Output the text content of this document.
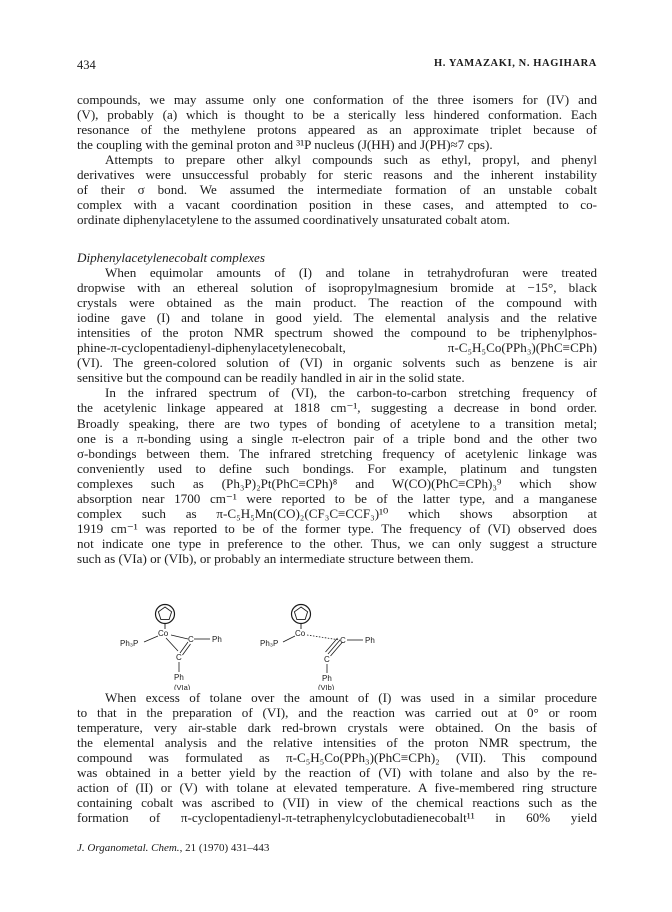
434	H. YAMAZAKI, N. HAGIHARA
compounds, we may assume only one conformation of the three isomers for (IV) and
(V), probably (a) which is thought to be a sterically less hindered conformation. Each
resonance of the methylene protons appeared as an approximate triplet because of
the coupling with the geminal proton and ³¹P nucleus (J(HH) and J(PH)≈7 cps).
Attempts to prepare other alkyl compounds such as ethyl, propyl, and phenyl
derivatives were unsuccessful probably for steric reasons and the inherent instability
of their σ bond. We assumed the intermediate formation of an unstable cobalt
complex with a vacant coordination position in these cases, and attempted to co-
ordinate diphenylacetylene to the assumed coordinatively unsaturated cobalt atom.
Diphenylacetylenecobalt complexes
When equimolar amounts of (I) and tolane in tetrahydrofuran were treated
dropwise with an ethereal solution of isopropylmagnesium bromide at −15°, black
crystals were obtained as the main product. The reaction of the compound with
iodine gave (I) and tolane in good yield. The elemental analysis and the relative
intensities of the proton NMR spectrum showed the compound to be triphenylphos-
phine-π-cyclopentadienyl-diphenylacetylenecobalt, π-C₅H₅Co(PPh₃)(PhC≡CPh)
(VI). The green-colored solution of (VI) in organic solvents such as benzene is air
sensitive but the compound can be readily handled in air in the solid state.
In the infrared spectrum of (VI), the carbon-to-carbon stretching frequency of
the acetylenic linkage appeared at 1818 cm⁻¹, suggesting a decrease in bond order.
Broadly speaking, there are two types of bonding of acetylene to a transition metal;
one is a π-bonding using a single π-electron pair of a triple bond and the other two
σ-bondings between them. The infrared stretching frequency of acetylenic linkage was
conveniently used to define such bondings. For example, platinum and tungsten
complexes such as (Ph₃P)₂Pt(PhC≡CPh)⁸ and W(CO)(PhC≡CPh)₃⁹ which show
absorption near 1700 cm⁻¹ were reported to be of the latter type, and a manganese
complex such as π-C₅H₅Mn(CO)₂(CF₃C≡CCF₃)¹⁰ which shows absorption at
1919 cm⁻¹ was reported to be of the former type. The frequency of (VI) observed does
not indicate one type in preference to the other. Thus, we can only suggest a structure
such as (VIa) or (VIb), or probably an intermediate structure between them.
Co
Ph₃P	C Ph
C
Ph
(VIa)
Co
Ph₃P	C Ph
C
Ph
(VIb)
When excess of tolane over the amount of (I) was used in a similar procedure
to that in the preparation of (VI), and the reaction was carried out at 0° or room
temperature, very air-stable dark red-brown crystals were obtained. On the basis of
the elemental analysis and the relative intensities of the proton NMR spectrum, the
compound was formulated as π-C₅H₅Co(PPh₃)(PhC≡CPh)₂ (VII). This compound
was obtained in a better yield by the reaction of (VI) with tolane and also by the re-
action of (II) or (V) with tolane at elevated temperature. A five-membered ring structure
containing cobalt was ascribed to (VII) in view of the chemical reactions such as the
formation of π-cyclopentadienyl-π-tetraphenylcyclobutadienecobalt¹¹ in 60% yield
J. Organometal. Chem., 21 (1970) 431–443
